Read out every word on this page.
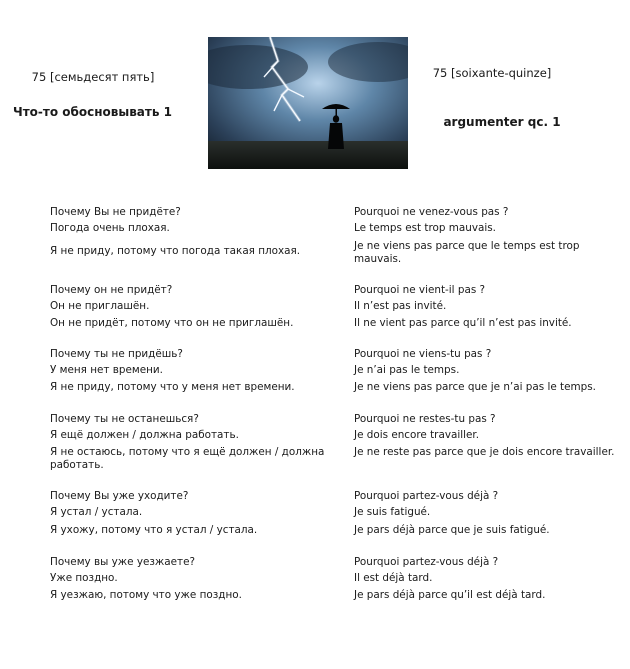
75 [семьдесят пять]
Что-то обосновывать 1
75 [soixante-quinze]
argumenter qc. 1
Почему Вы не придёте?
Погода очень плохая.
Я не приду, потому что погода такая плохая.
Pourquoi ne venez-vous pas ?
Le temps est trop mauvais.
Je ne viens pas parce que le temps est trop mauvais.
Почему он не придёт?
Он не приглашён.
Он не придёт, потому что он не приглашён.
Pourquoi ne vient-il pas ?
Il n’est pas invité.
Il ne vient pas parce qu’il n’est pas invité.
Почему ты не придёшь?
У меня нет времени.
Я не приду, потому что у меня нет времени.
Pourquoi ne viens-tu pas ?
Je n’ai pas le temps.
Je ne viens pas parce que je n’ai pas le temps.
Почему ты не останешься?
Я ещё должен / должна работать.
Я не остаюсь, потому что я ещё должен / должна работать.
Pourquoi ne restes-tu pas ?
Je dois encore travailler.
Je ne reste pas parce que je dois encore travailler.
Почему Вы уже уходите?
Я устал / устала.
Я ухожу, потому что я устал / устала.
Pourquoi partez-vous déjà ?
Je suis fatigué.
Je pars déjà parce que je suis fatigué.
Почему вы уже уезжаете?
Уже поздно.
Я уезжаю, потому что уже поздно.
Pourquoi partez-vous déjà ?
Il est déjà tard.
Je pars déjà parce qu’il est déjà tard.
